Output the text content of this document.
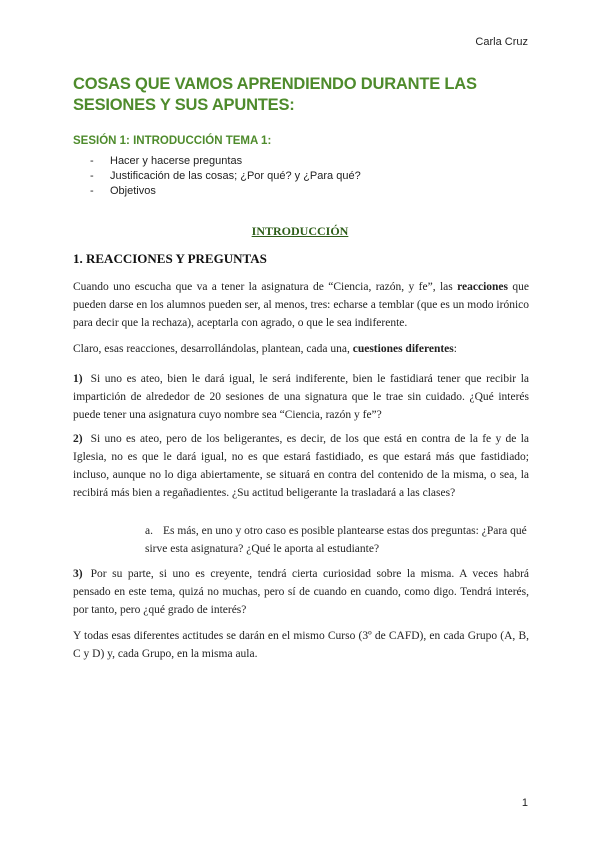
Carla Cruz
COSAS QUE VAMOS APRENDIENDO DURANTE LAS SESIONES Y SUS APUNTES:
SESIÓN 1: INTRODUCCIÓN TEMA 1:
- Hacer y hacerse preguntas
- Justificación de las cosas; ¿Por qué? y ¿Para qué?
- Objetivos
INTRODUCCIÓN
1. REACCIONES Y PREGUNTAS

Cuando uno escucha que va a tener la asignatura de “Ciencia, razón, y fe”, las reacciones que pueden darse en los alumnos pueden ser, al menos, tres: echarse a temblar (que es un modo irónico para decir que la rechaza), aceptarla con agrado, o que le sea indiferente.

Claro, esas reacciones, desarrollándolas, plantean, cada una, cuestiones diferentes:

1) Si uno es ateo, bien le dará igual, le será indiferente, bien le fastidiará tener que recibir la impartición de alrededor de 20 sesiones de una signatura que le trae sin cuidado. ¿Qué interés puede tener una asignatura cuyo nombre sea “Ciencia, razón y fe”?

2) Si uno es ateo, pero de los beligerantes, es decir, de los que está en contra de la fe y de la Iglesia, no es que le dará igual, no es que estará fastidiado, es que estará más que fastidiado; incluso, aunque no lo diga abiertamente, se situará en contra del contenido de la misma, o sea, la recibirá más bien a regañadientes. ¿Su actitud beligerante la trasladará a las clases?

a. Es más, en uno y otro caso es posible plantearse estas dos preguntas: ¿Para qué sirve esta asignatura? ¿Qué le aporta al estudiante?

3) Por su parte, si uno es creyente, tendrá cierta curiosidad sobre la misma. A veces habrá pensado en este tema, quizá no muchas, pero sí de cuando en cuando, como digo. Tendrá interés, por tanto, pero ¿qué grado de interés?

Y todas esas diferentes actitudes se darán en el mismo Curso (3º de CAFD), en cada Grupo (A, B, C y D) y, cada Grupo, en la misma aula.

1
